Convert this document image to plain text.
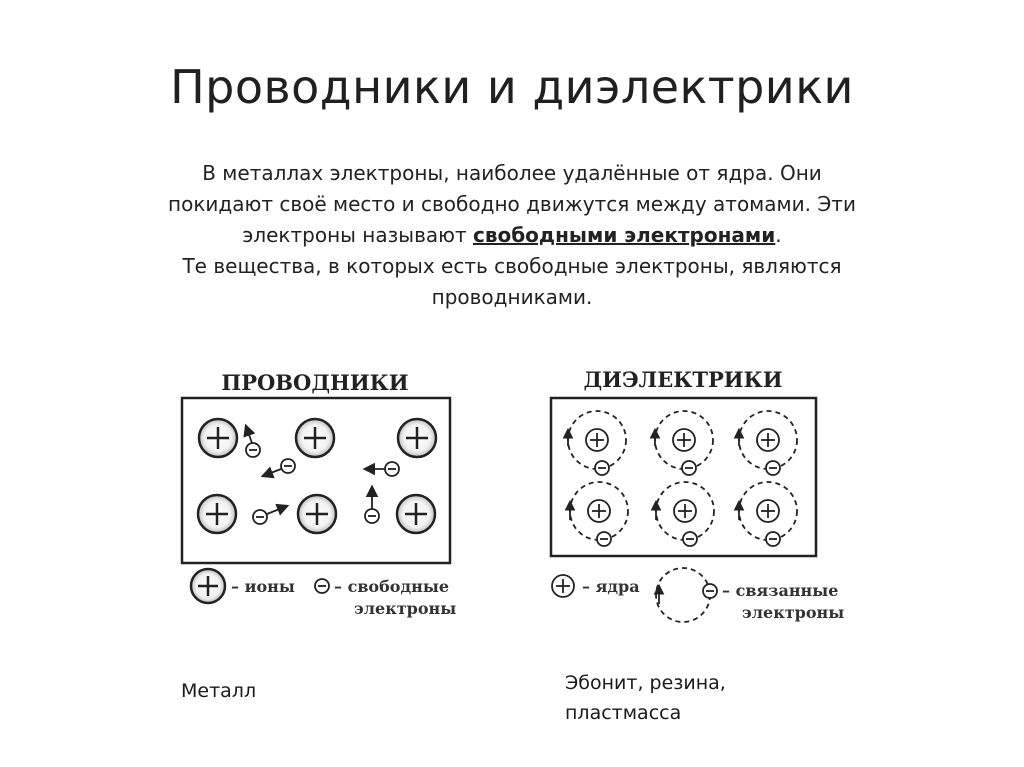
Проводники и диэлектрики

В металлах электроны, наиболее удалённые от ядра. Они

покидают своё место и свободно движутся между атомами. Эти

электроны называют свободными электронами.

Те вещества, в которых есть свободные электроны, являются

проводниками.

ПРОВОДНИКИ
– ионы – свободные
электроны
ДИЭЛЕКТРИКИ
– ядра	– связанные
электроны
Металл	Эбонит, резина,
пластмасса
